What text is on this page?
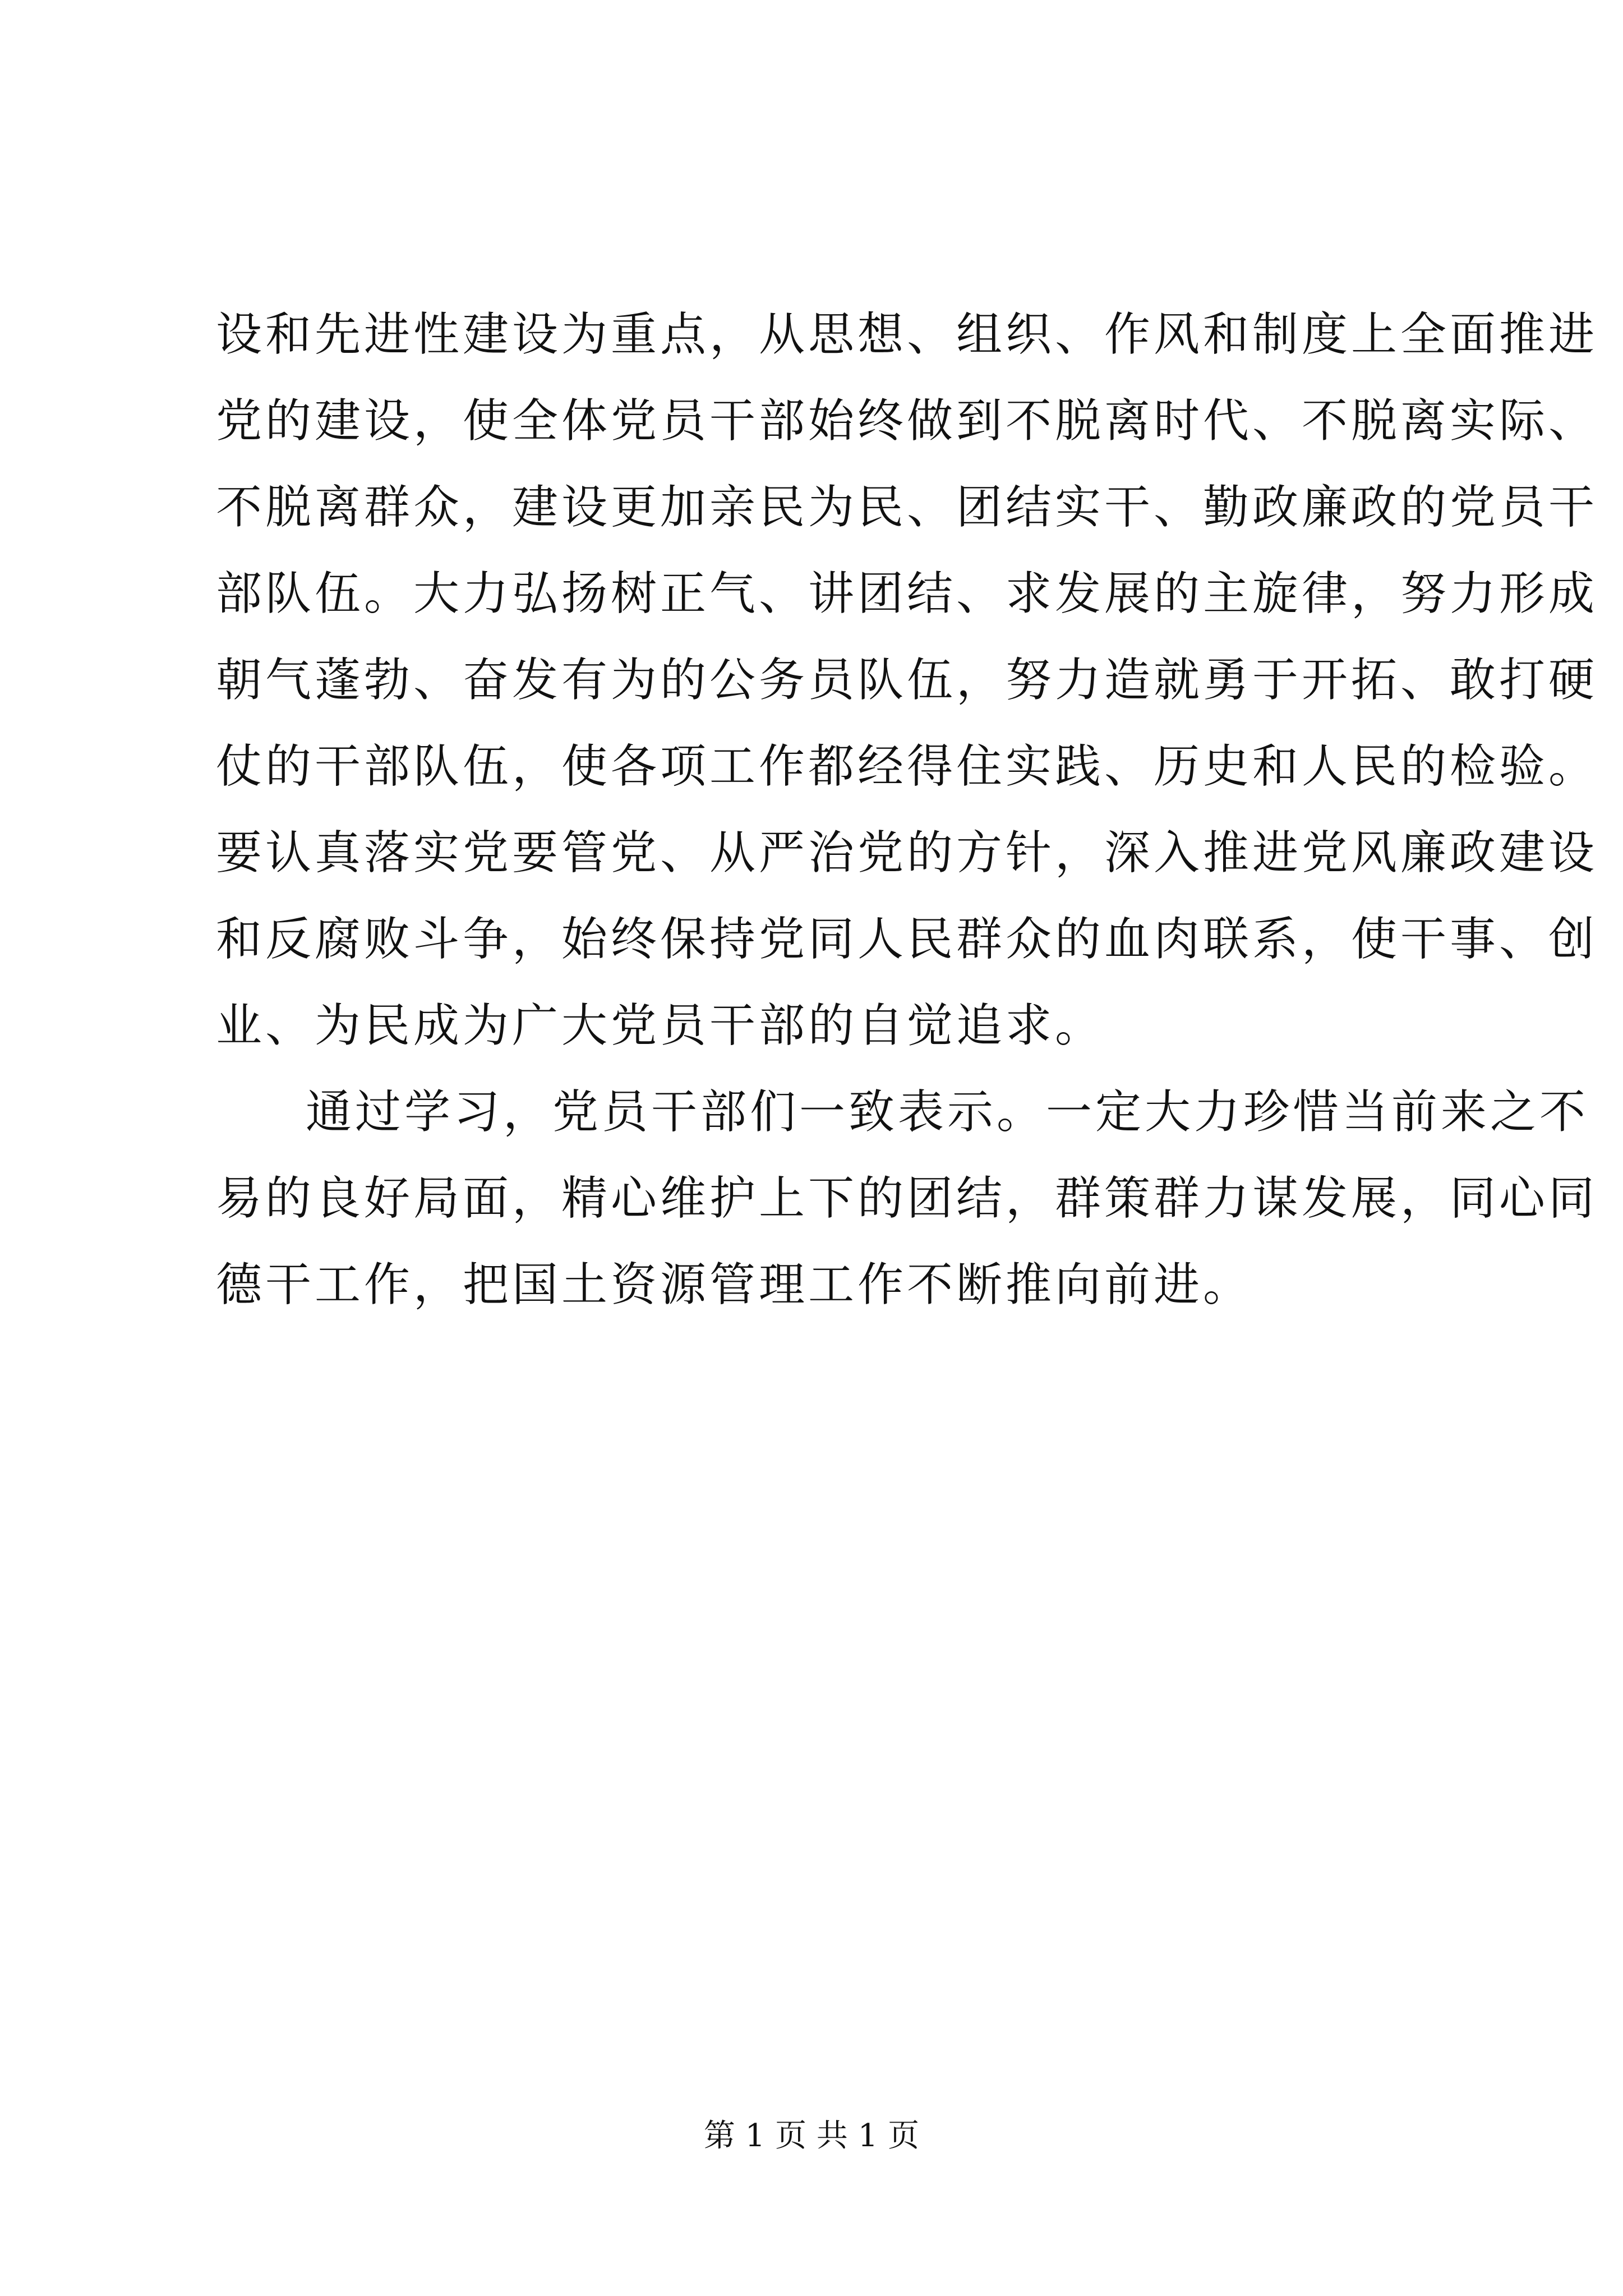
设和先进性建设为重点，从思想、组织、作风和制度上全面推进
党的建设，使全体党员干部始终做到不脱离时代、不脱离实际、
不脱离群众，建设更加亲民为民、团结实干、勤政廉政的党员干
部队伍。大力弘扬树正气、讲团结、求发展的主旋律，努力形成
朝气蓬勃、奋发有为的公务员队伍，努力造就勇于开拓、敢打硬
仗的干部队伍，使各项工作都经得住实践、历史和人民的检验。
要认真落实党要管党、从严治党的方针，深入推进党风廉政建设
和反腐败斗争，始终保持党同人民群众的血肉联系，使干事、创
业、为民成为广大党员干部的自觉追求。
通过学习，党员干部们一致表示。一定大力珍惜当前来之不
易的良好局面，精心维护上下的团结，群策群力谋发展，同心同
德干工作，把国土资源管理工作不断推向前进。
第 1 页 共 1 页
